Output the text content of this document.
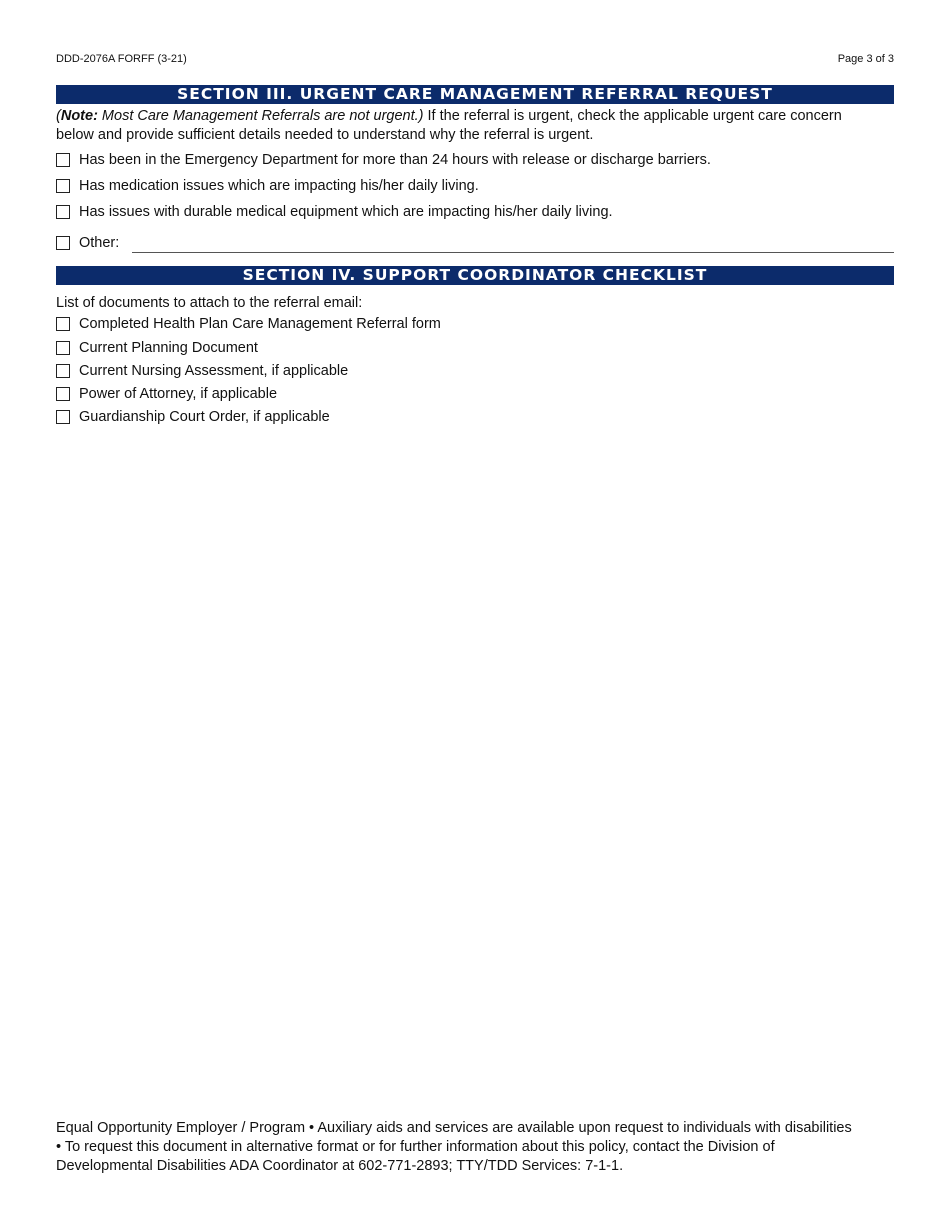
DDD-2076A FORFF (3-21)	Page 3 of 3
SECTION III. URGENT CARE MANAGEMENT REFERRAL REQUEST
(Note: Most Care Management Referrals are not urgent.) If the referral is urgent, check the applicable urgent care concern below and provide sufficient details needed to understand why the referral is urgent.
Has been in the Emergency Department for more than 24 hours with release or discharge barriers.
Has medication issues which are impacting his/her daily living.
Has issues with durable medical equipment which are impacting his/her daily living.
Other:
SECTION IV. SUPPORT COORDINATOR CHECKLIST
List of documents to attach to the referral email:
Completed Health Plan Care Management Referral form
Current Planning Document
Current Nursing Assessment, if applicable
Power of Attorney, if applicable
Guardianship Court Order, if applicable
Equal Opportunity Employer / Program • Auxiliary aids and services are available upon request to individuals with disabilities • To request this document in alternative format or for further information about this policy, contact the Division of Developmental Disabilities ADA Coordinator at 602-771-2893; TTY/TDD Services: 7-1-1.
